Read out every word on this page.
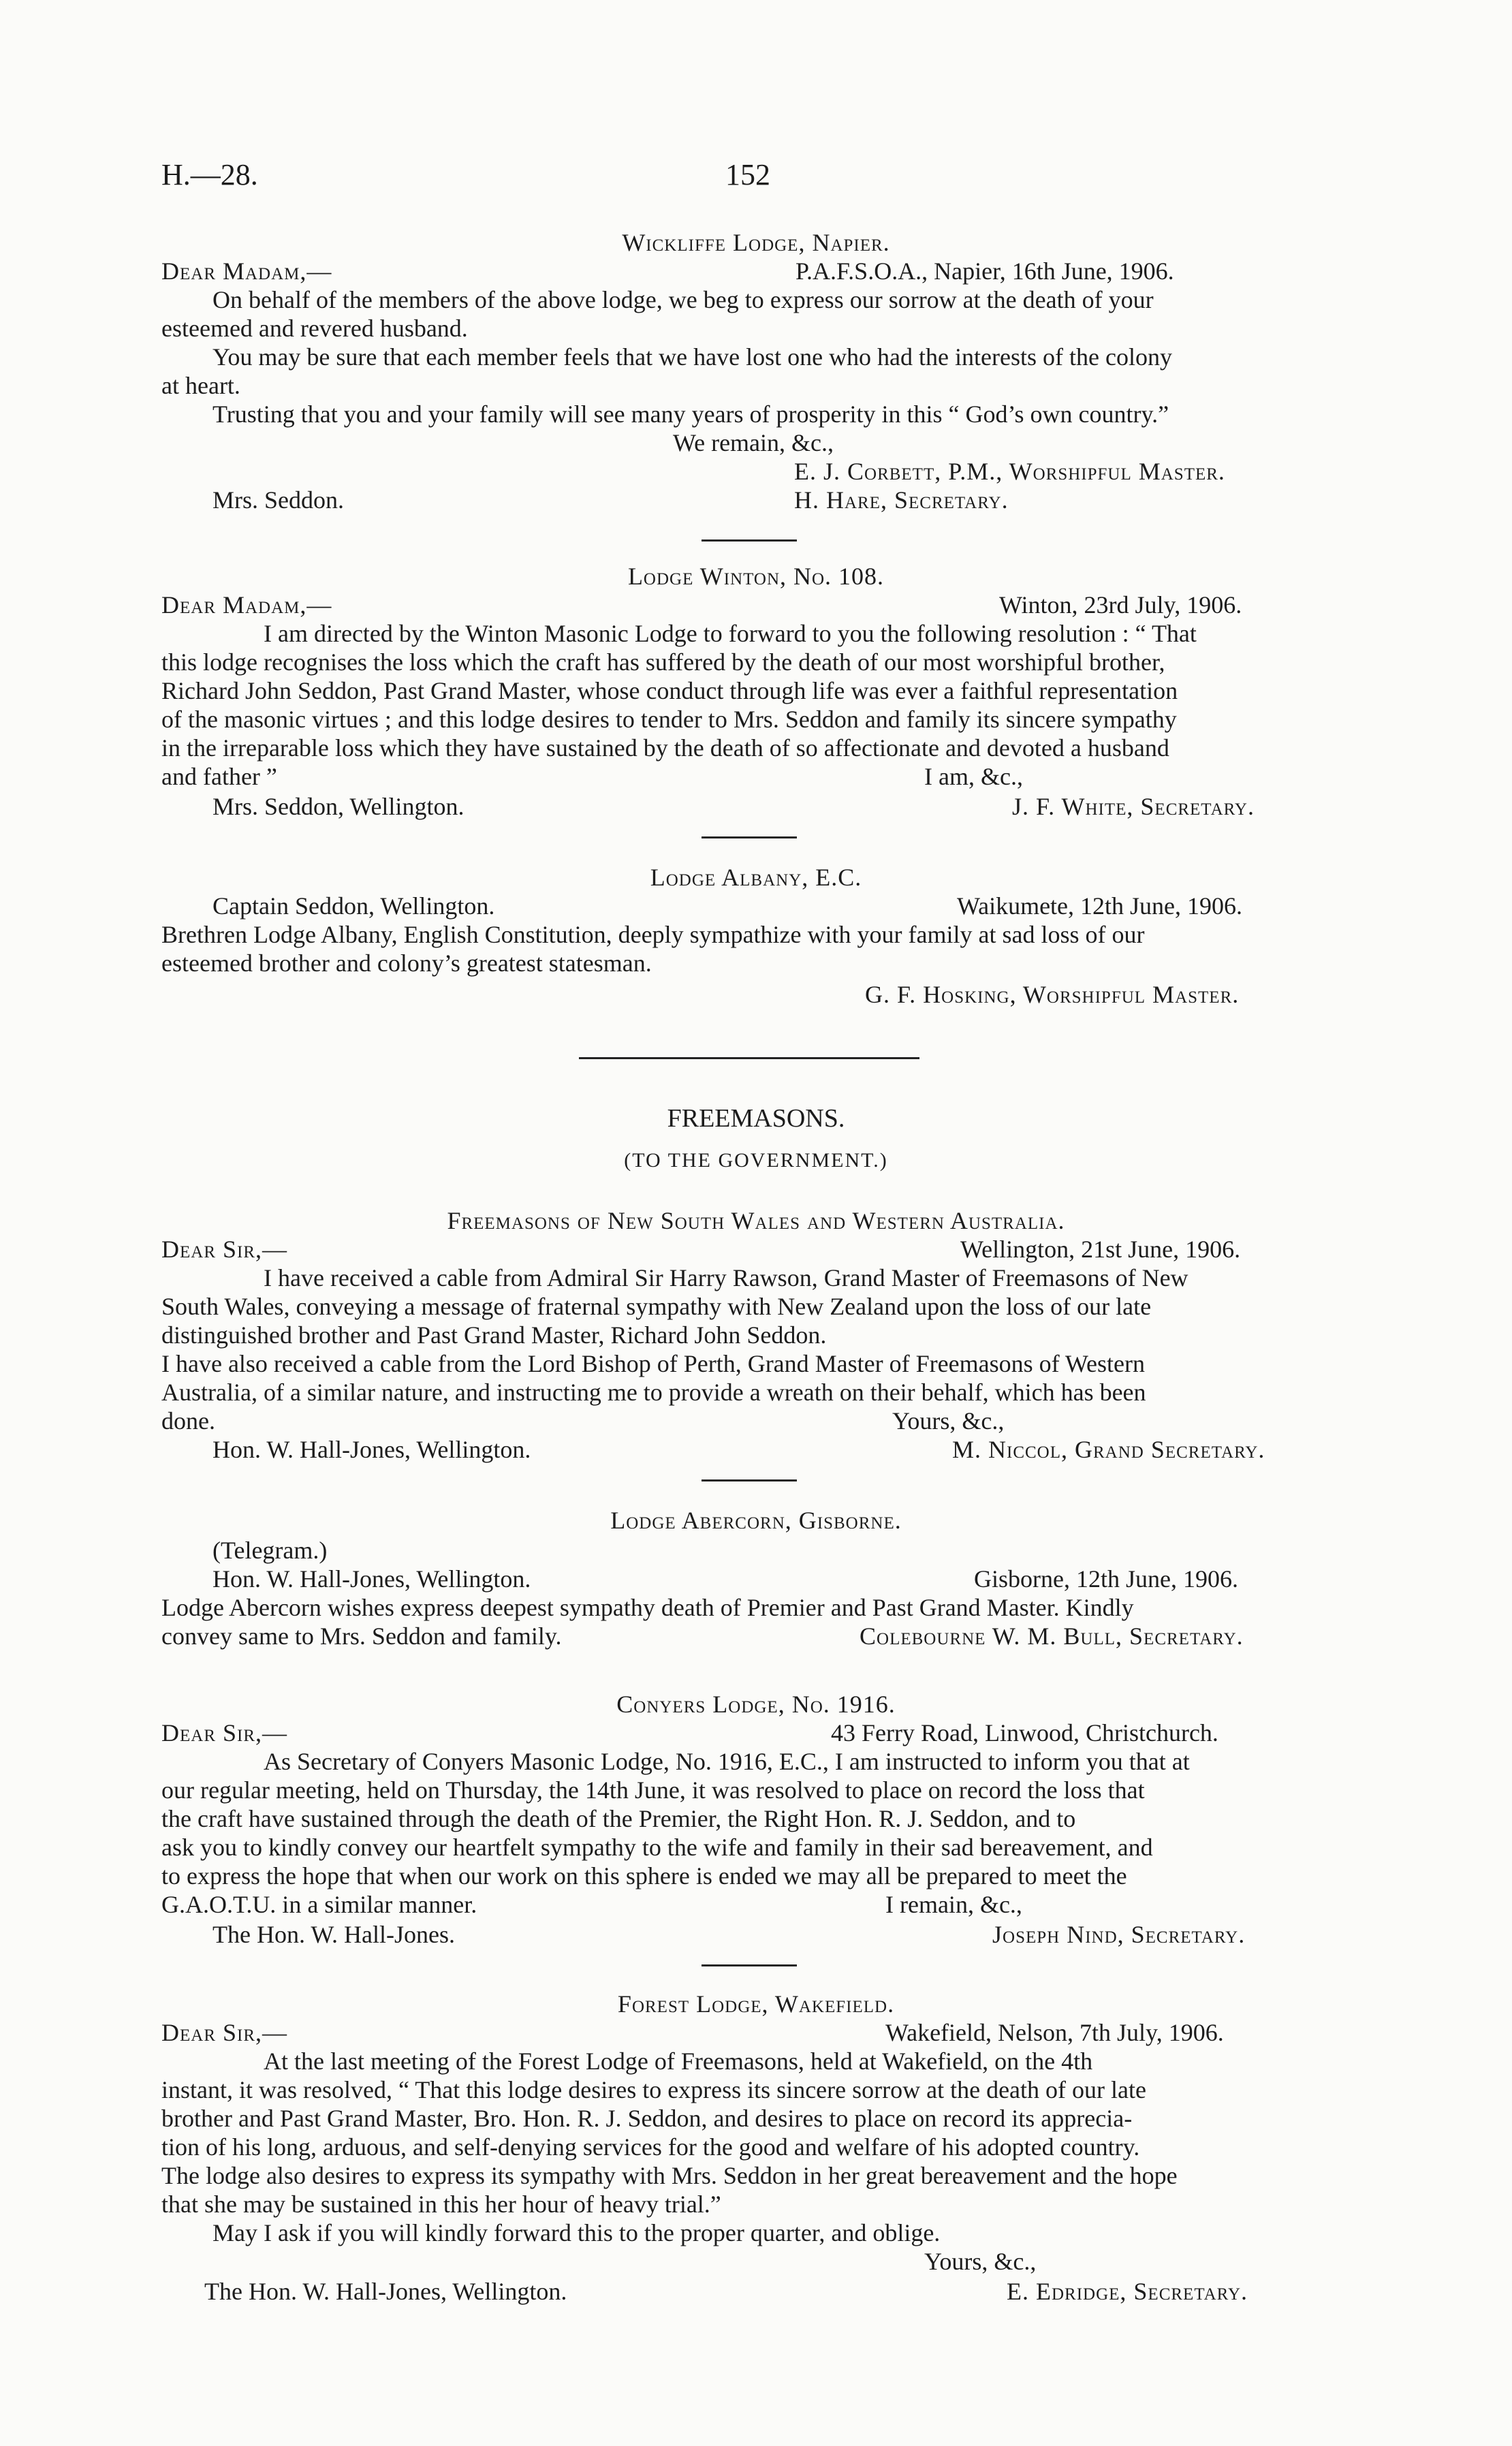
H.—28.	152
Wickliffe Lodge, Napier.
Dear Madam,—	P.A.F.S.O.A., Napier, 16th June, 1906.
On behalf of the members of the above lodge, we beg to express our sorrow at the death of your
esteemed and revered husband.
You may be sure that each member feels that we have lost one who had the interests of the colony
at heart.
Trusting that you and your family will see many years of prosperity in this “ God’s own country.”
We remain, &c.,
E. J. Corbett, P.M., Worshipful Master.
Mrs. Seddon.	H. Hare, Secretary.
Lodge Winton, No. 108.
Dear Madam,—	Winton, 23rd July, 1906.
I am directed by the Winton Masonic Lodge to forward to you the following resolution : “ That
this lodge recognises the loss which the craft has suffered by the death of our most worshipful brother,
Richard John Seddon, Past Grand Master, whose conduct through life was ever a faithful representation
of the masonic virtues ; and this lodge desires to tender to Mrs. Seddon and family its sincere sympathy
in the irreparable loss which they have sustained by the death of so affectionate and devoted a husband
and father ”	I am, &c.,
Mrs. Seddon, Wellington.	J. F. White, Secretary.
Lodge Albany, E.C.
Captain Seddon, Wellington.	Waikumete, 12th June, 1906.
Brethren Lodge Albany, English Constitution, deeply sympathize with your family at sad loss of our
esteemed brother and colony’s greatest statesman.
G. F. Hosking, Worshipful Master.
FREEMASONS.
(TO THE GOVERNMENT.)
Freemasons of New South Wales and Western Australia.
Dear Sir,—	Wellington, 21st June, 1906.
I have received a cable from Admiral Sir Harry Rawson, Grand Master of Freemasons of New
South Wales, conveying a message of fraternal sympathy with New Zealand upon the loss of our late
distinguished brother and Past Grand Master, Richard John Seddon.
I have also received a cable from the Lord Bishop of Perth, Grand Master of Freemasons of Western
Australia, of a similar nature, and instructing me to provide a wreath on their behalf, which has been
done.	Yours, &c.,
Hon. W. Hall-Jones, Wellington.	M. Niccol, Grand Secretary.
Lodge Abercorn, Gisborne.
(Telegram.)
Hon. W. Hall-Jones, Wellington.	Gisborne, 12th June, 1906.
Lodge Abercorn wishes express deepest sympathy death of Premier and Past Grand Master. Kindly
convey same to Mrs. Seddon and family.	Colebourne W. M. Bull, Secretary.
Conyers Lodge, No. 1916.
Dear Sir,—	43 Ferry Road, Linwood, Christchurch.
As Secretary of Conyers Masonic Lodge, No. 1916, E.C., I am instructed to inform you that at
our regular meeting, held on Thursday, the 14th June, it was resolved to place on record the loss that
the craft have sustained through the death of the Premier, the Right Hon. R. J. Seddon, and to
ask you to kindly convey our heartfelt sympathy to the wife and family in their sad bereavement, and
to express the hope that when our work on this sphere is ended we may all be prepared to meet the
G.A.O.T.U. in a similar manner.	I remain, &c.,
The Hon. W. Hall-Jones.	Joseph Nind, Secretary.
Forest Lodge, Wakefield.
Dear Sir,—	Wakefield, Nelson, 7th July, 1906.
At the last meeting of the Forest Lodge of Freemasons, held at Wakefield, on the 4th
instant, it was resolved, “ That this lodge desires to express its sincere sorrow at the death of our late
brother and Past Grand Master, Bro. Hon. R. J. Seddon, and desires to place on record its apprecia-
tion of his long, arduous, and self-denying services for the good and welfare of his adopted country.
The lodge also desires to express its sympathy with Mrs. Seddon in her great bereavement and the hope
that she may be sustained in this her hour of heavy trial.”
May I ask if you will kindly forward this to the proper quarter, and oblige.
Yours, &c.,
The Hon. W. Hall-Jones, Wellington.	E. Edridge, Secretary.
